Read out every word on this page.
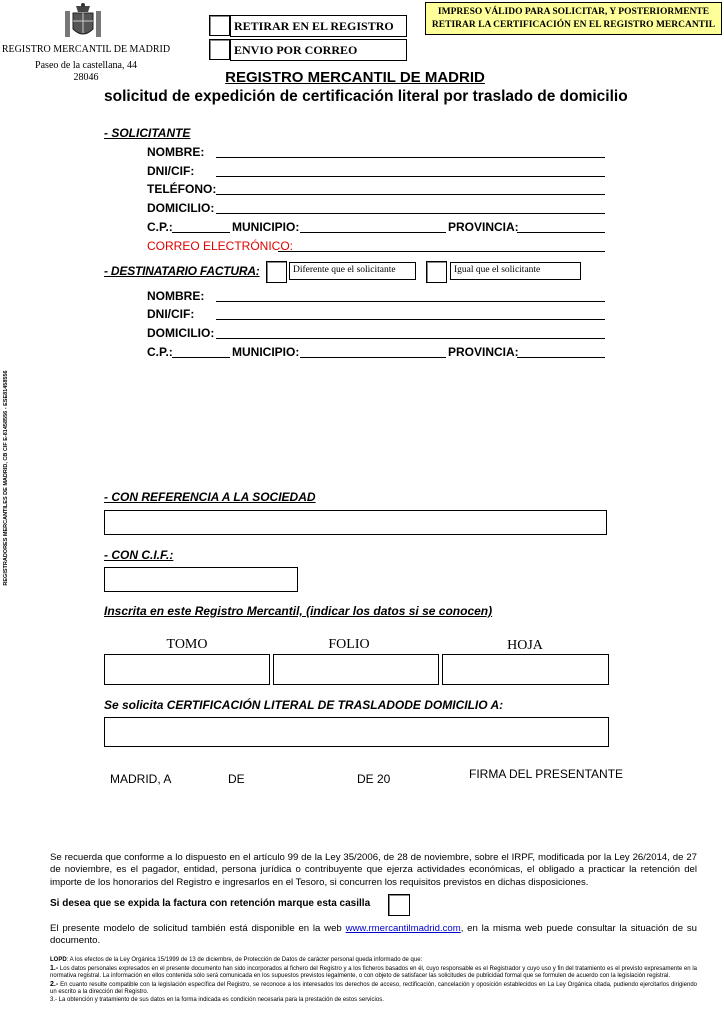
REGISTRO MERCANTIL DE MADRID
Paseo de la castellana, 44
28046
RETIRAR EN EL REGISTRO
ENVIO POR CORREO
IMPRESO VÁLIDO PARA SOLICITAR, Y POSTERIORMENTE
RETIRAR LA CERTIFICACIÓN EN EL REGISTRO MERCANTIL
REGISTRO MERCANTIL DE MADRID
solicitud de expedición de certificación literal por traslado de domicilio
REGISTRADORES MERCANTILES DE MADRID, CB CIF E-81458556 - ESE81458556
- SOLICITANTE
NOMBRE:
DNI/CIF:
TELÉFONO:
DOMICILIO:
C.P.:	MUNICIPIO:	PROVINCIA:
CORREO ELECTRÓNICO:
- DESTINATARIO FACTURA:	Diferente que el solicitante	Igual que el solicitante
NOMBRE:
DNI/CIF:
DOMICILIO:
C.P.:	MUNICIPIO:	PROVINCIA:
- CON REFERENCIA A LA SOCIEDAD
- CON C.I.F.:
Inscrita en este Registro Mercantil, (indicar los datos si se conocen)
TOMO	FOLIO	HOJA
Se solicita CERTIFICACIÓN LITERAL DE TRASLADODE DOMICILIO A:
MADRID, A	DE	DE 20	FIRMA DEL PRESENTANTE
Se recuerda que conforme a lo dispuesto en el artículo 99 de la Ley 35/2006, de 28 de noviembre, sobre el IRPF, modificada por la Ley 26/2014, de 27 de noviembre, es el pagador, entidad, persona jurídica o contribuyente que ejerza actividades económicas, el obligado a practicar la retención del importe de los honorarios del Registro e ingresarlos en el Tesoro, si concurren los requisitos previstos en dichas disposiciones.
Si desea que se expida la factura con retención marque esta casilla
El presente modelo de solicitud también está disponible en la web www.rmercantilmadrid.com, en la misma web puede consultar la situación de su documento.
LOPD: A los efectos de la Ley Orgánica 15/1999 de 13 de diciembre, de Protección de Datos de carácter personal queda informado de que:
1.- Los datos personales expresados en el presente documento han sido incorporados al fichero del Registro y a los ficheros basados en él, cuyo responsable es el Registrador y cuyo uso y fin del tratamiento es el previsto expresamente en la normativa registral. La información en ellos contenida sólo será comunicada en los supuestos previstos legalmente, o con objeto de satisfacer las solicitudes de publicidad formal que se formulen de acuerdo con la legislación registral.
2.- En cuanto resulte compatible con la legislación específica del Registro, se reconoce a los interesados los derechos de acceso, rectificación, cancelación y oposición establecidos en La Ley Orgánica citada, pudiendo ejercitarlos dirigiendo un escrito a la dirección del Registro.
3.- La obtención y tratamiento de sus datos en la forma indicada es condición necesaria para la prestación de estos servicios.
